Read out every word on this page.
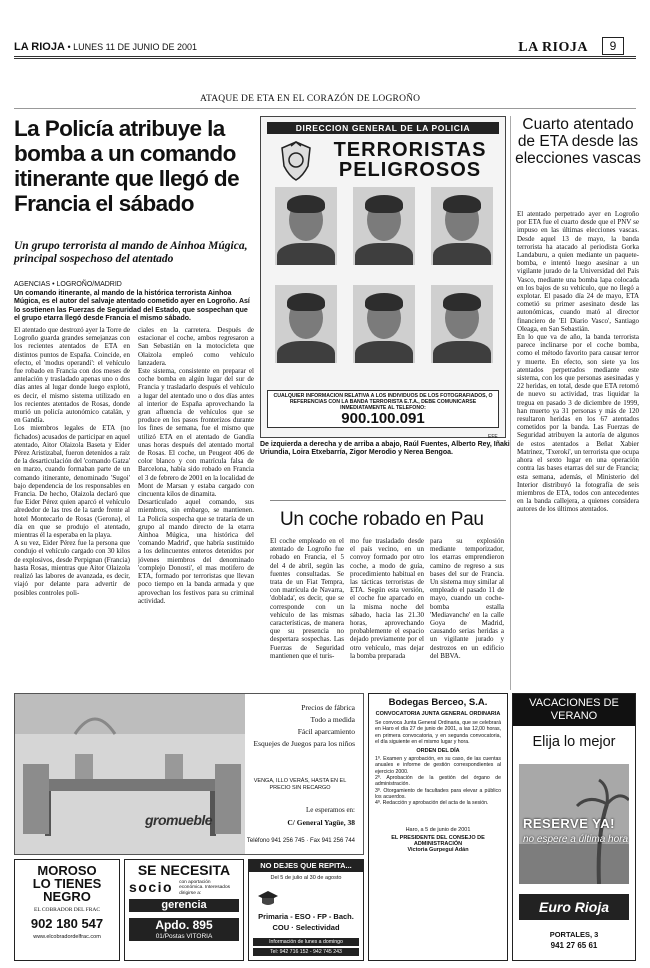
LA RIOJA • LUNES 11 DE JUNIO DE 2001	LA RIOJA	9
ATAQUE DE ETA EN EL CORAZÓN DE LOGROÑO
La Policía atribuye la bomba a un comando itinerante que llegó de Francia el sábado
Un grupo terrorista al mando de Ainhoa Múgica, principal sospechoso del atentado
AGENCIAS • LOGROÑO/MADRID
Un comando itinerante, al mando de la histórica terrorista Ainhoa Múgica, es el autor del salvaje atentado cometido ayer en Logroño. Así lo sostienen las Fuerzas de Seguridad del Estado, que sospechan que el grupo etarra llegó desde Francia el mismo sábado.
El atentado que destrozó ayer la Torre de Logroño guarda grandes semejanzas con los recientes atentados de ETA en distintos puntos de España. Coincide, en efecto, el 'modus operandi': el vehículo fue robado en Francia con dos meses de antelación y trasladado apenas uno o dos días antes al lugar donde luego explotó, es decir, el mismo sistema utilizado en los recientes atentados de Rosas, donde murió un policía autonómico catalán, y en Gandía.
Los miembros legales de ETA (no fichados) acusados de participar en aquel atentado, Aitor Olaizola Baseta y Eider Pérez Aristizabal, fueron detenidos a raíz de la desarticulación del 'comando Gatza' en marzo, cuando formaban parte de un comando itinerante, denominado 'Sugoi' bajo dependencia de los responsables en Francia. De hecho, Olaizola declaró que fue Eider Pérez quien aparcó el vehículo alrededor de las tres de la tarde frente al hotel Montecarlo de Rosas (Gerona), el día en que se produjo el atentado, mientras él la esperaba en la playa.
A su vez, Eider Pérez fue la persona que condujo el vehículo cargado con 30 kilos de explosivos, desde Perpignan (Francia) hasta Rosas, mientras que Aitor Olaizola realizó las labores de avanzada, es decir, viajó por delante para advertir de posibles controles poli-
ciales en la carretera. Después de estacionar el coche, ambos regresaron a San Sebastián en la motocicleta que Olaizola empleó como vehículo lanzadera.
Este sistema, consistente en preparar el coche bomba en algún lugar del sur de Francia y trasladarlo después el vehículo a lugar del atentado uno o dos días antes al interior de España aprovechando la gran afluencia de vehículos que se produce en los pasos fronterizos durante los fines de semana, fue el mismo que utilizó ETA en el atentado de Gandía unas horas después del atentado mortal de Rosas. El coche, un Peugeot 406 de color blanco y con matrícula falsa de Barcelona, había sido robado en Francia el 3 de febrero de 2001 en la localidad de Mont de Marsan y estaba cargado con cincuenta kilos de dinamita.
Desarticulado aquel comando, sus miembros, sin embargo, se mantienen. La Policía sospecha que se trataría de un grupo al mando directo de la etarra Ainhoa Múgica, una histórica del 'comando Madrid', que habría sustituido a los delincuentes enteros detenidos por jóvenes miembros del denominado 'complejo Donosti', el mas motifero de ETA, formado por terroristas que llevan poco tiempo en la banda armada y que aprovechan los festivos para su criminal actividad.
DIRECCION GENERAL DE LA POLICIA
TERRORISTAS
PELIGROSOS
CUALQUIER INFORMACION RELATIVA A LOS INDIVIDUOS DE LOS FOTOGRAFIADOS, O REFERENCIAS CON LA BANDA TERRORISTA E.T.A., DEBE COMUNICARSE INMEDIATAMENTE AL TELEFONO:
900.100.091
De izquierda a derecha y de arriba a abajo, Raúl Fuentes, Alberto Rey, Iñaki Uriundia, Loira Etxebarría, Zigor Merodio y Nerea Bengoa.
EFE
Un coche robado en Pau
El coche empleado en el atentado de Logroño fue robado en Francia, el 5 del 4 de abril, según las fuentes consultadas. Se trata de un Fiat Tempra, con matrícula de Navarra, 'doblada', es decir, que se corresponde con un vehículo de las mismas características, de manera que su presencia no despertara sospechas. Las Fuerzas de Seguridad mantienen que el turis-
mo fue trasladado desde el país vecino, en un convoy formado por otro coche, a modo de guía, procedimiento habitual en las tácticas terroristas de ETA. Según esta versión, el coche fue aparcado en la misma noche del sábado, hacia las 21.30 horas, aprovechando probablemente el espacio dejado previamente por el otro vehículo, mas dejar la bomba preparada
para su explosión mediante temporizador, los etarras emprendieron camino de regreso a sus bases del sur de Francia. Un sistema muy similar al empleado el pasado 11 de mayo, cuando un coche-bomba estalla 'Mediavanche' en la calle Goya de Madrid, causando serias heridas a un vigilante jurado y destrozos en un edificio del BBVA.
Cuarto atentado de ETA desde las elecciones vascas
El atentado perpetrado ayer en Logroño por ETA fue el cuarto desde que el PNV se impuso en las últimas elecciones vascas. Desde aquel 13 de mayo, la banda terrorista ha atacado al periodista Gorka Landaburu, a quien mediante un paquete-bomba, e intentó luego asesinar a un vigilante jurado de la Universidad del País Vasco, mediante una bomba lapa colocada en los bajos de su vehículo, que no llegó a explotar. El pasado día 24 de mayo, ETA cometió su primer asesinato desde las autonómicas, cuando mató al director financiero de 'El Diario Vasco', Santiago Oleaga, en San Sebastián.
En lo que va de año, la banda terrorista parece inclinarse por el coche bomba, como el método favorito para causar terror y muerte. En efecto, son siete ya los atentados perpetrados mediante este sistema, con los que personas asesinadas y 22 heridas, en total, desde que ETA retomó de nuevo su actividad, tras liquidar la tregua en pasado 3 de diciembre de 1999, han muerto ya 31 personas y más de 120 resultaron heridas en los 67 atentados cometidos por la banda. Las Fuerzas de Seguridad atribuyen la autoría de algunos de estos atentados a Beñat Xabier Matrinez, 'Txeroki', un terrorista que ocupa ahora el sexto lugar en una operación contra las bases etarras del sur de Francia; esta semana, además, el Ministerio del Interior distribuyó la fotografía de seis miembros de ETA, todos con antecedentes en la banda callejera, a quienes considera autores de los últimos atentados.
gromueble
Precios de fábrica
Todo a medida
Fácil aparcamiento
Esquejes de Juegos para los niños
VENGA, ILLO VERÁS, HASTA EN EL PRECIO SIN RECARGO
Le esperamos en:
C/ General Yagüe, 38
Teléfono 941 256 745 · Fax 941 256 744
Bodegas Berceo, S.A.
CONVOCATORIA JUNTA GENERAL ORDINARIA
Se convoca Junta General Ordinaria, que se celebrará en Haro el día 27 de junio de 2001, a las 12,00 horas, en primera convocatoria, y en segunda convocatoria, el día siguiente en el mismo lugar y hora.
ORDEN DEL DÍA
1º. Examen y aprobación, en su caso, de las cuentas anuales e informe de gestión correspondientes al ejercicio 2000.
2º. Aprobación de la gestión del órgano de administración.
3º. Otorgamiento de facultades para elevar a público los acuerdos.
4º. Redacción y aprobación del acta de la sesión.
Haro, a 5 de junio de 2001
EL PRESIDENTE DEL CONSEJO DE ADMINISTRACIÓN
Victoria Gurpegui Adán
VACACIONES DE VERANO
Elija lo mejor
RESERVE YA!
no espere a última hora
Euro Rioja
PORTALES, 3
941 27 65 61
MOROSO
LO TIENES
NEGRO
EL COBRADOR DEL FRAC
902 180 547
www.elcobradordelfrac.com
SE NECESITA
socio con aportación económica. Interesados dirigirse a:
gerencia
Apdo. 895
01/Postas VITORIA
NO DEJES QUE REPITA...
Del 5 de julio al 30 de agosto
Primaria - ESO - FP - Bach.
COU · Selectividad
Información de lunes a domingo
Tel: 942 716 152 - 942 745 243
